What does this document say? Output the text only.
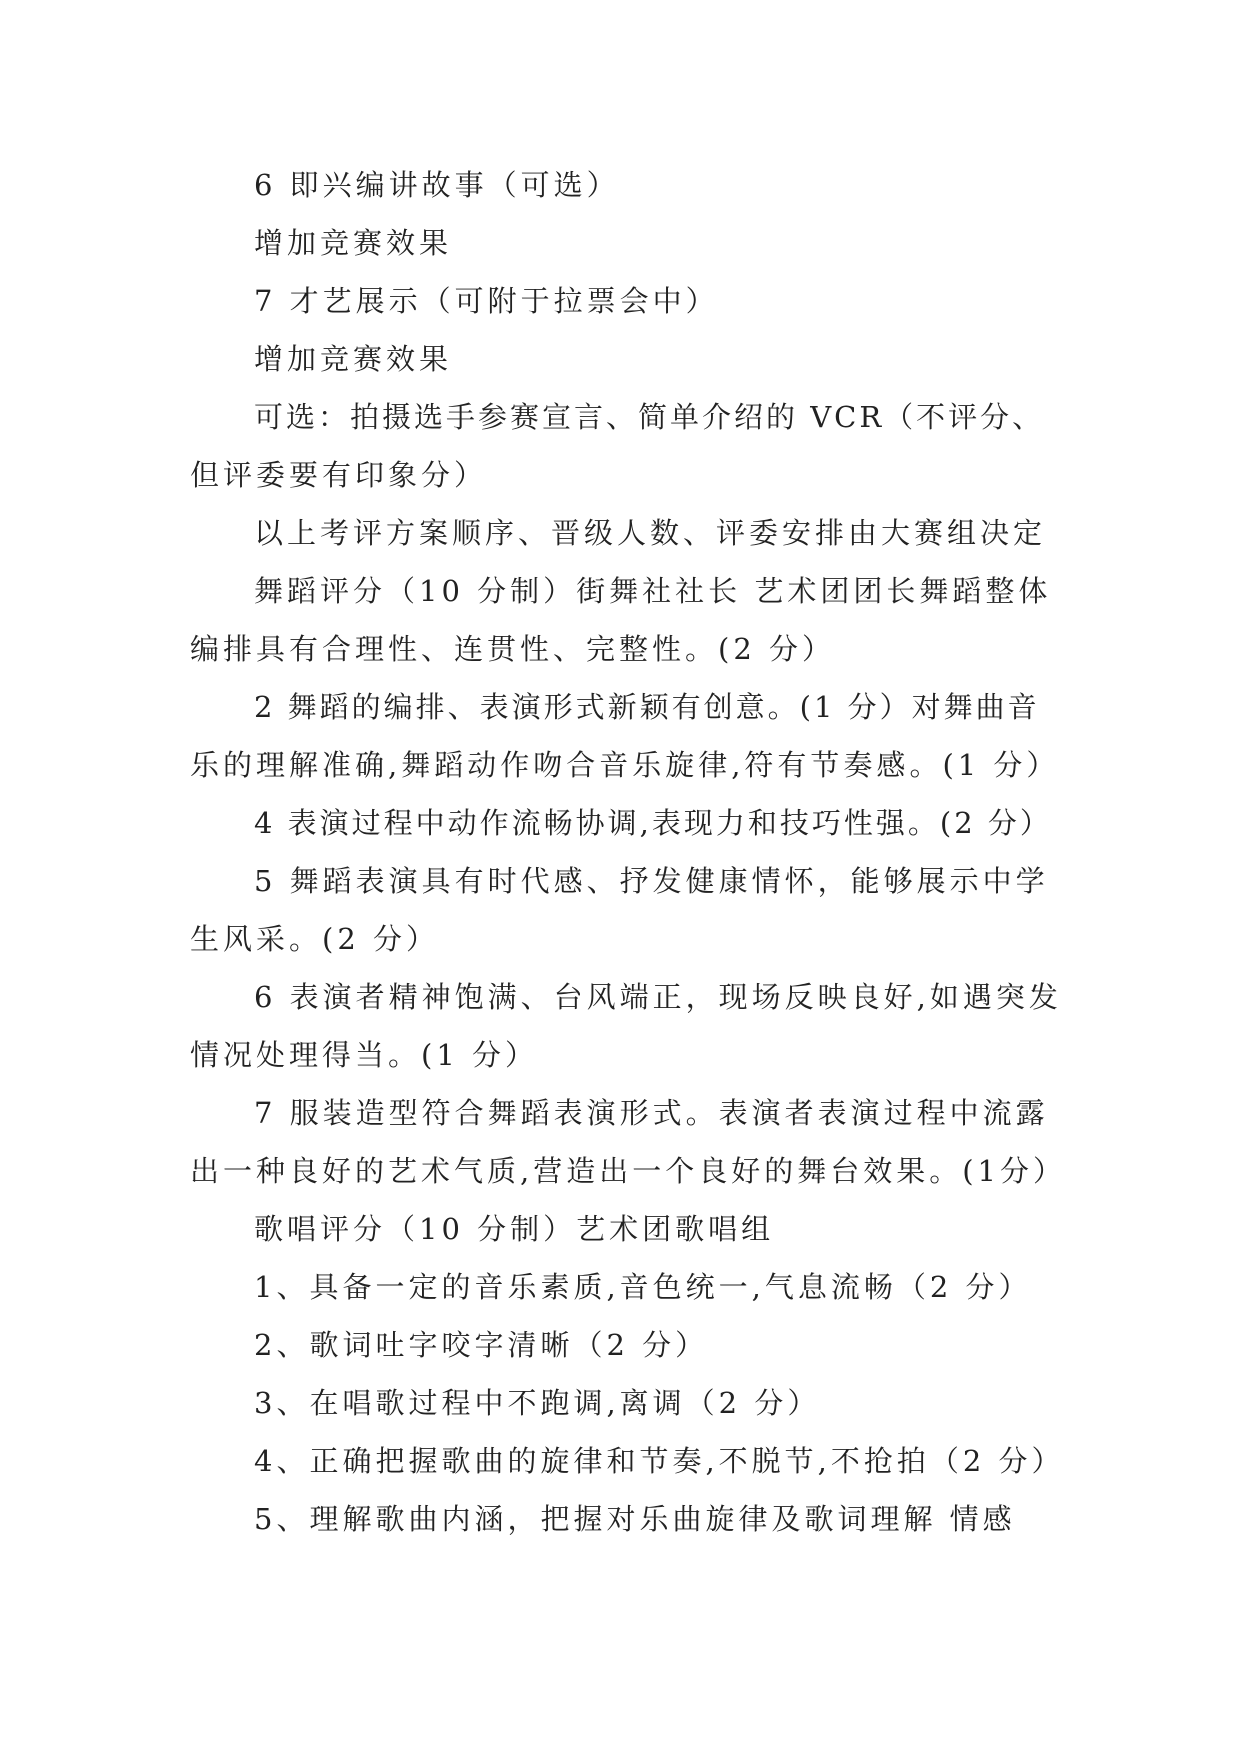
6 即兴编讲故事（可选）
增加竞赛效果
7 才艺展示（可附于拉票会中）
增加竞赛效果
可选：拍摄选手参赛宣言、简单介绍的 VCR（不评分、
但评委要有印象分）
以上考评方案顺序、晋级人数、评委安排由大赛组决定
舞蹈评分（10 分制）街舞社社长 艺术团团长舞蹈整体
编排具有合理性、连贯性、完整性。(2 分）
2 舞蹈的编排、表演形式新颖有创意。(1 分）对舞曲音
乐的理解准确,舞蹈动作吻合音乐旋律,符有节奏感。(1 分）
4 表演过程中动作流畅协调,表现力和技巧性强。(2 分）
5 舞蹈表演具有时代感、抒发健康情怀，能够展示中学
生风采。(2 分）
6 表演者精神饱满、台风端正，现场反映良好,如遇突发
情况处理得当。(1 分）
7 服装造型符合舞蹈表演形式。表演者表演过程中流露
出一种良好的艺术气质,营造出一个良好的舞台效果。(1分）
歌唱评分（10 分制）艺术团歌唱组
1、具备一定的音乐素质,音色统一,气息流畅（2 分）
2、歌词吐字咬字清晰（2 分）
3、在唱歌过程中不跑调,离调（2 分）
4、正确把握歌曲的旋律和节奏,不脱节,不抢拍（2 分）
5、理解歌曲内涵，把握对乐曲旋律及歌词理解 情感
